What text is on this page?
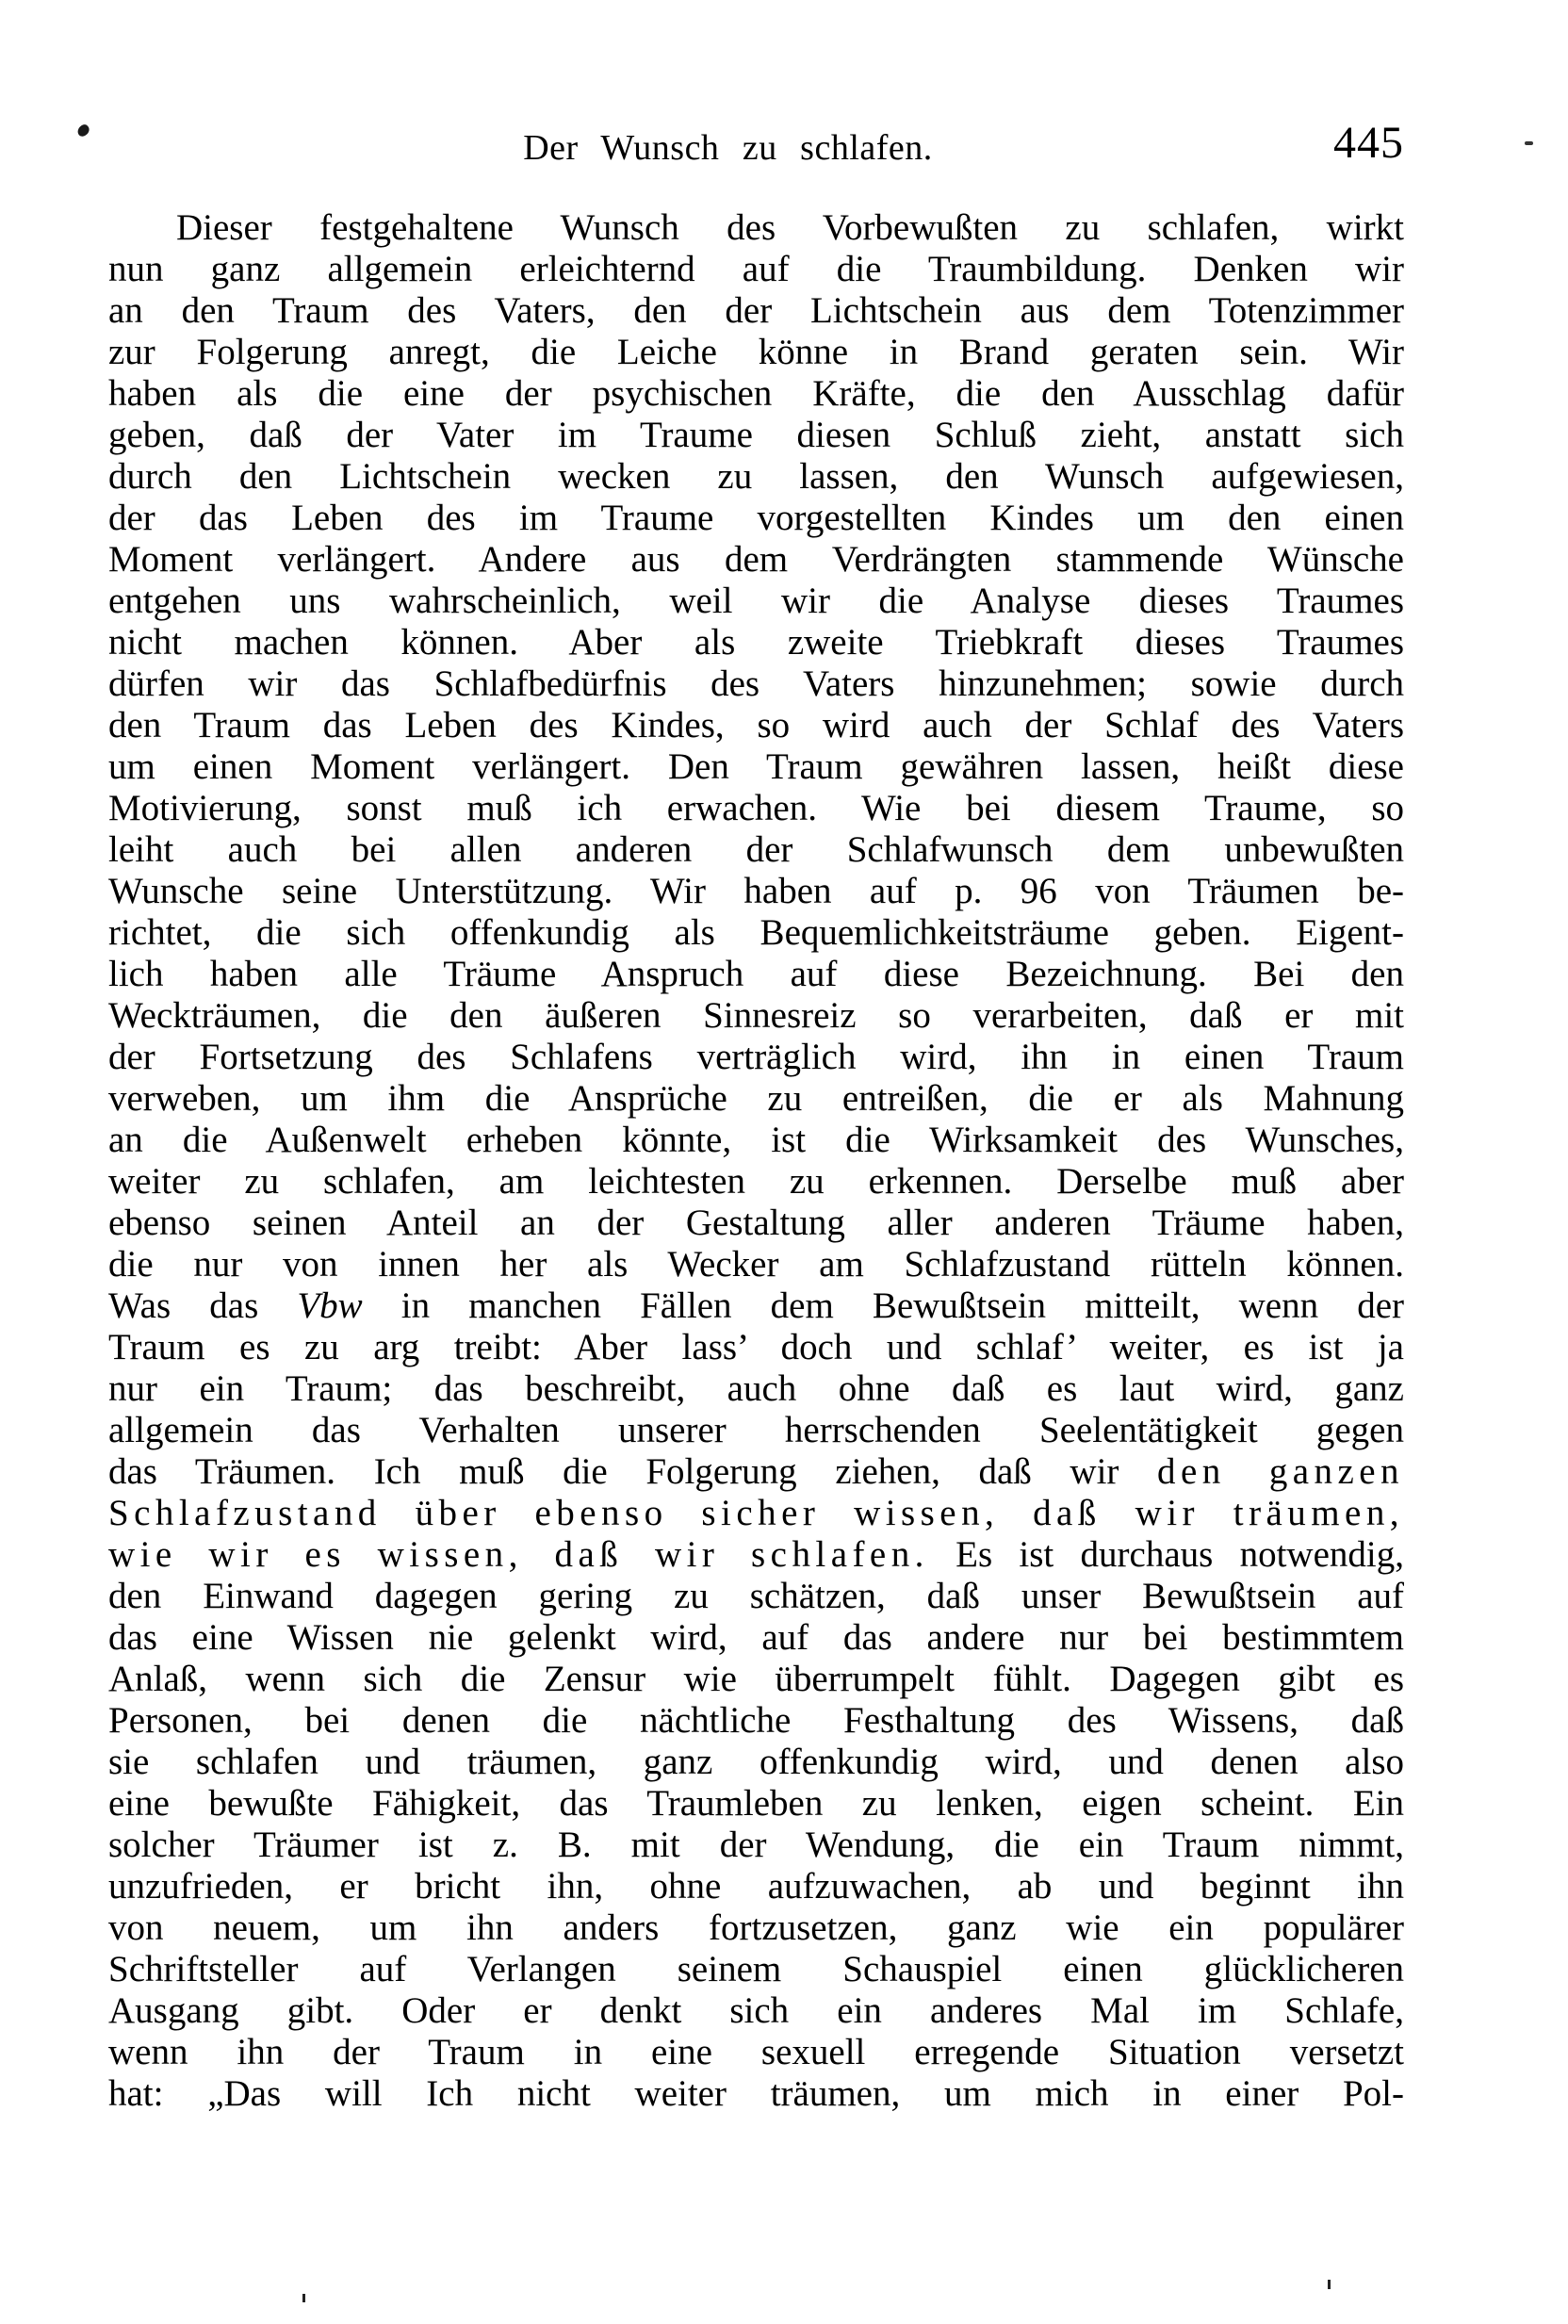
Der Wunsch zu schlafen.	445
Dieser festgehaltene Wunsch des Vorbewußten zu schlafen, wirkt
nun ganz allgemein erleichternd auf die Traumbildung. Denken wir
an den Traum des Vaters, den der Lichtschein aus dem Totenzimmer
zur Folgerung anregt, die Leiche könne in Brand geraten sein. Wir
haben als die eine der psychischen Kräfte, die den Ausschlag dafür
geben, daß der Vater im Traume diesen Schluß zieht, anstatt sich
durch den Lichtschein wecken zu lassen, den Wunsch aufgewiesen,
der das Leben des im Traume vorgestellten Kindes um den einen
Moment verlängert. Andere aus dem Verdrängten stammende Wünsche
entgehen uns wahrscheinlich, weil wir die Analyse dieses Traumes
nicht machen können. Aber als zweite Triebkraft dieses Traumes
dürfen wir das Schlafbedürfnis des Vaters hinzunehmen; sowie durch
den Traum das Leben des Kindes, so wird auch der Schlaf des Vaters
um einen Moment verlängert. Den Traum gewähren lassen, heißt diese
Motivierung, sonst muß ich erwachen. Wie bei diesem Traume, so
leiht auch bei allen anderen der Schlafwunsch dem unbewußten
Wunsche seine Unterstützung. Wir haben auf p. 96 von Träumen be-
richtet, die sich offenkundig als Bequemlichkeitsträume geben. Eigent-
lich haben alle Träume Anspruch auf diese Bezeichnung. Bei den
Weckträumen, die den äußeren Sinnesreiz so verarbeiten, daß er mit
der Fortsetzung des Schlafens verträglich wird, ihn in einen Traum
verweben, um ihm die Ansprüche zu entreißen, die er als Mahnung
an die Außenwelt erheben könnte, ist die Wirksamkeit des Wunsches,
weiter zu schlafen, am leichtesten zu erkennen. Derselbe muß aber
ebenso seinen Anteil an der Gestaltung aller anderen Träume haben,
die nur von innen her als Wecker am Schlafzustand rütteln können.
Was das Vbw in manchen Fällen dem Bewußtsein mitteilt, wenn der
Traum es zu arg treibt: Aber lass’ doch und schlaf’ weiter, es ist ja
nur ein Traum; das beschreibt, auch ohne daß es laut wird, ganz
allgemein das Verhalten unserer herrschenden Seelentätigkeit gegen
das Träumen. Ich muß die Folgerung ziehen, daß wir den ganzen
Schlafzustand über ebenso sicher wissen, daß wir träumen,
wie wir es wissen, daß wir schlafen. Es ist durchaus notwendig,
den Einwand dagegen gering zu schätzen, daß unser Bewußtsein auf
das eine Wissen nie gelenkt wird, auf das andere nur bei bestimmtem
Anlaß, wenn sich die Zensur wie überrumpelt fühlt. Dagegen gibt es
Personen, bei denen die nächtliche Festhaltung des Wissens, daß
sie schlafen und träumen, ganz offenkundig wird, und denen also
eine bewußte Fähigkeit, das Traumleben zu lenken, eigen scheint. Ein
solcher Träumer ist z. B. mit der Wendung, die ein Traum nimmt,
unzufrieden, er bricht ihn, ohne aufzuwachen, ab und beginnt ihn
von neuem, um ihn anders fortzusetzen, ganz wie ein populärer
Schriftsteller auf Verlangen seinem Schauspiel einen glücklicheren
Ausgang gibt. Oder er denkt sich ein anderes Mal im Schlafe,
wenn ihn der Traum in eine sexuell erregende Situation versetzt
hat: „Das will Ich nicht weiter träumen, um mich in einer Pol-
